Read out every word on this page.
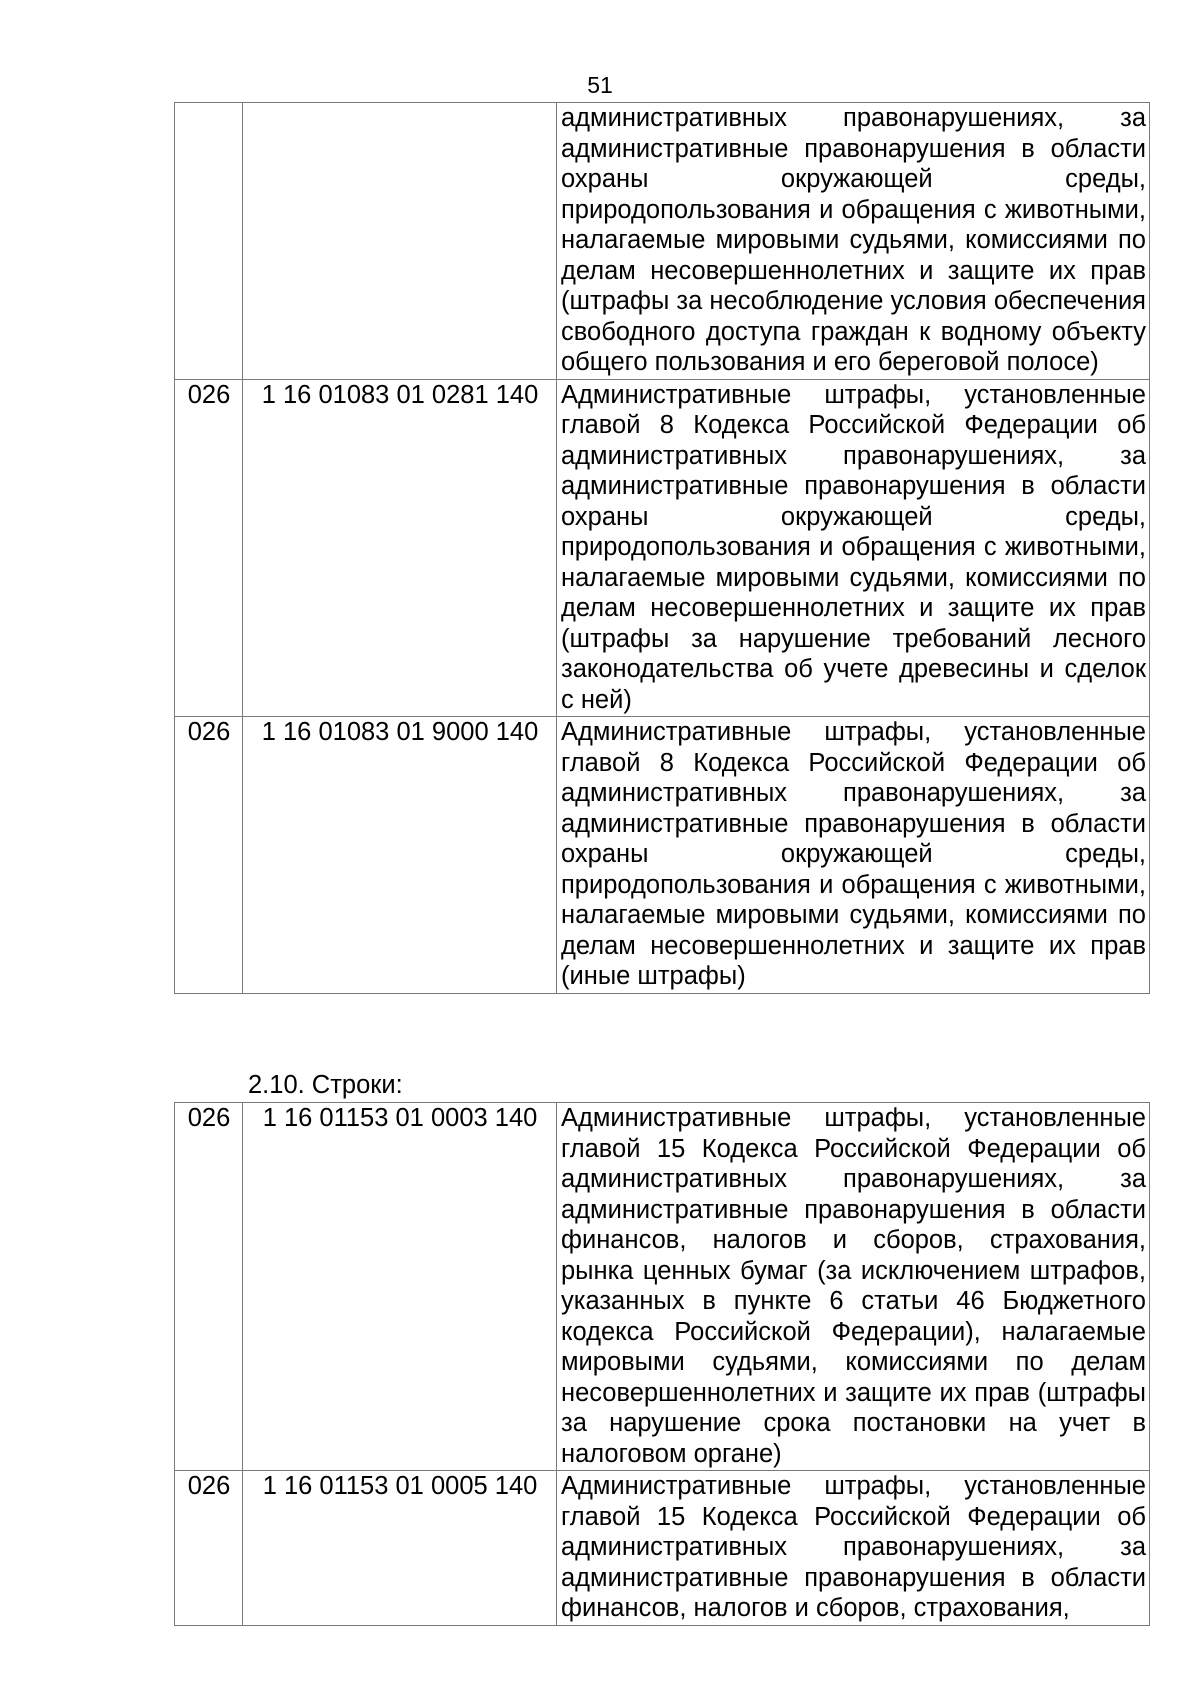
51
		административных правонарушениях, за административные правонарушения в области охраны окружающей среды, природопользования и обращения с животными, налагаемые мировыми судьями, комиссиями по делам несовершеннолетних и защите их прав (штрафы за несоблюдение условия обеспечения свободного доступа граждан к водному объекту общего пользования и его береговой полосе)
026	1 16 01083 01 0281 140	Административные штрафы, установленные главой 8 Кодекса Российской Федерации об административных правонарушениях, за административные правонарушения в области охраны окружающей среды, природопользования и обращения с животными, налагаемые мировыми судьями, комиссиями по делам несовершеннолетних и защите их прав (штрафы за нарушение требований лесного законодательства об учете древесины и сделок с ней)
026	1 16 01083 01 9000 140	Административные штрафы, установленные главой 8 Кодекса Российской Федерации об административных правонарушениях, за административные правонарушения в области охраны окружающей среды, природопользования и обращения с животными, налагаемые мировыми судьями, комиссиями по делам несовершеннолетних и защите их прав (иные штрафы)
2.10. Строки:
026	1 16 01153 01 0003 140	Административные штрафы, установленные главой 15 Кодекса Российской Федерации об административных правонарушениях, за административные правонарушения в области финансов, налогов и сборов, страхования, рынка ценных бумаг (за исключением штрафов, указанных в пункте 6 статьи 46 Бюджетного кодекса Российской Федерации), налагаемые мировыми судьями, комиссиями по делам несовершеннолетних и защите их прав (штрафы за нарушение срока постановки на учет в налоговом органе)
026	1 16 01153 01 0005 140	Административные штрафы, установленные главой 15 Кодекса Российской Федерации об административных правонарушениях, за административные правонарушения в области финансов, налогов и сборов, страхования,
